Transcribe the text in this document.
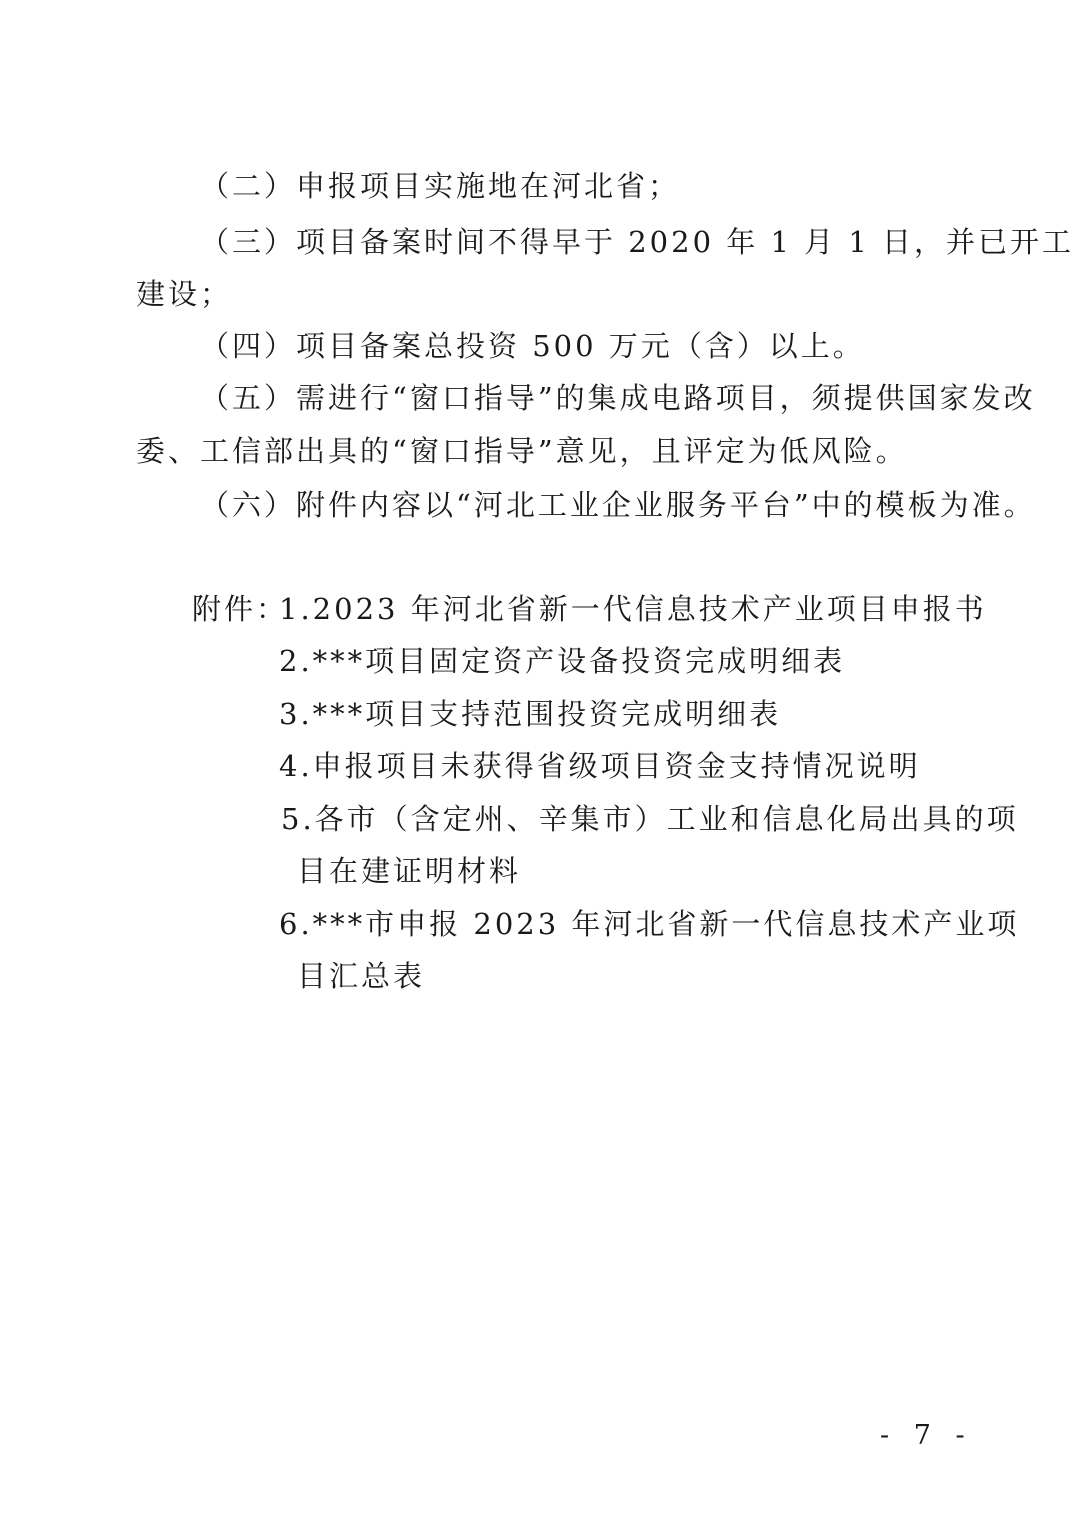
（二）申报项目实施地在河北省；
（三）项目备案时间不得早于 2020 年 1 月 1 日，并已开工
建设；
（四）项目备案总投资 500 万元（含）以上。
（五）需进行“窗口指导”的集成电路项目，须提供国家发改
委、工信部出具的“窗口指导”意见，且评定为低风险。
（六）附件内容以“河北工业企业服务平台”中的模板为准。
附件：
1.2023 年河北省新一代信息技术产业项目申报书
2.***项目固定资产设备投资完成明细表
3.***项目支持范围投资完成明细表
4.申报项目未获得省级项目资金支持情况说明
5.各市（含定州、辛集市）工业和信息化局出具的项
目在建证明材料
6.***市申报 2023 年河北省新一代信息技术产业项
目汇总表
- 7 -
